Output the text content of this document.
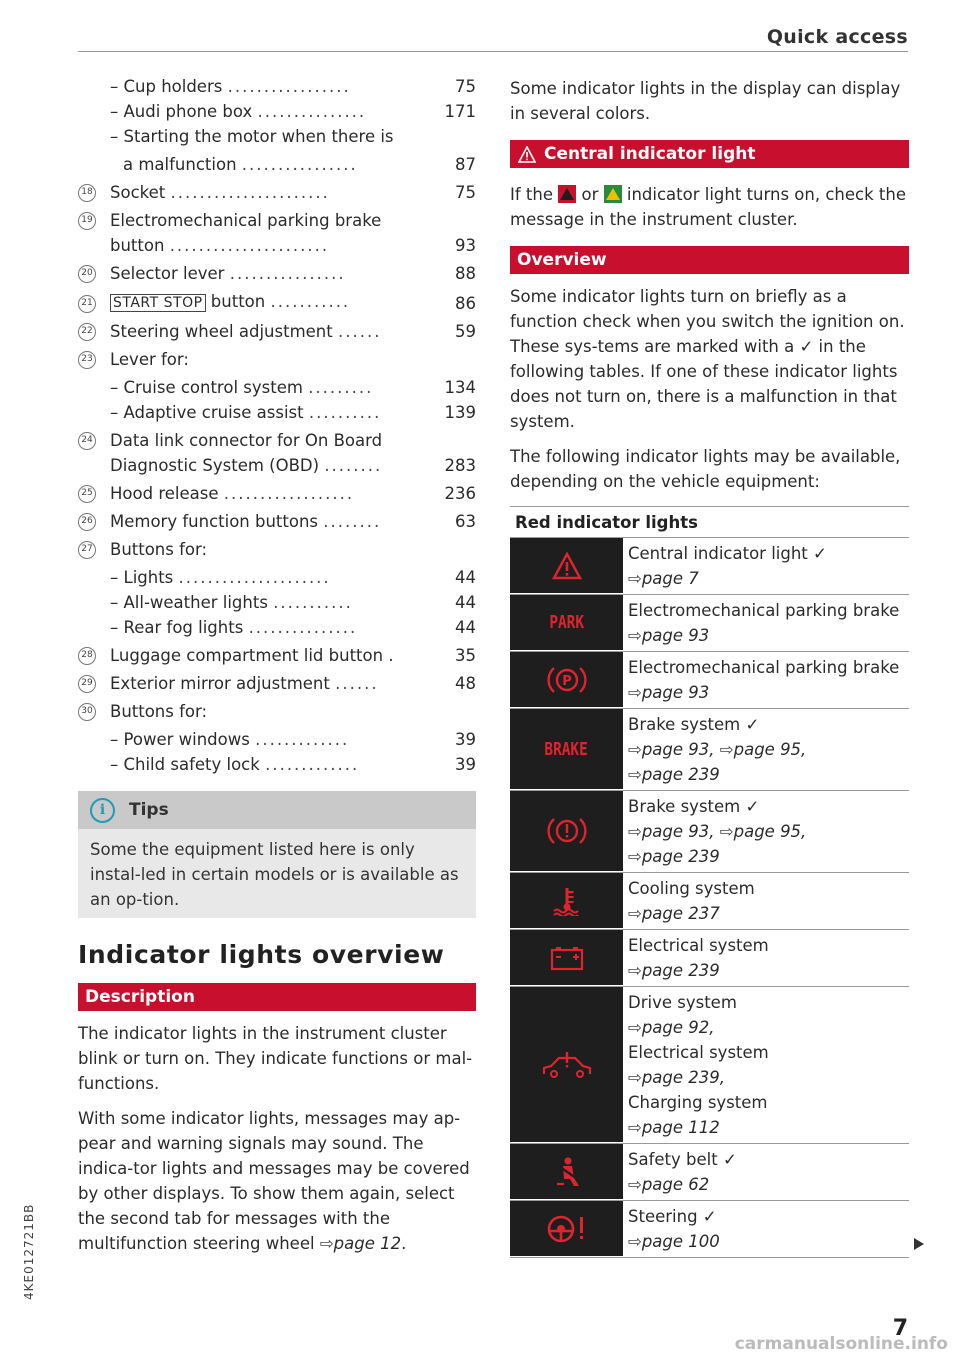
Quick access
– Cup holders .................	75
– Audi phone box ...............	171
– Starting the motor when there is
a malfunction ................	87
18 Socket ......................	75
19 Electromechanical parking brake
button ......................	93
20 Selector lever ................	88
21 START STOP button ...........	86
22 Steering wheel adjustment ......	59
23 Lever for:
– Cruise control system .........	134
– Adaptive cruise assist ..........	139
24 Data link connector for On Board
Diagnostic System (OBD) ........	283
25 Hood release ..................	236
26 Memory function buttons ........	63
27 Buttons for:
– Lights .....................	44
– All-weather lights ...........	44
– Rear fog lights ...............	44
28 Luggage compartment lid button .	35
29 Exterior mirror adjustment ......	48
30 Buttons for:
– Power windows .............	39
– Child safety lock .............	39
i	Tips
Some the equipment listed here is only instal-led in certain models or is available as an op-tion.
Indicator lights overview
Description
The indicator lights in the instrument cluster blink or turn on. They indicate functions or mal-functions.
With some indicator lights, messages may ap-pear and warning signals may sound. The indica-tor lights and messages may be covered by other displays. To show them again, select the second tab for messages with the multifunction steering wheel ⇨page 12.
Some indicator lights in the display can display in several colors.
Central indicator light
If the or indicator light turns on, check the message in the instrument cluster.
Overview
Some indicator lights turn on briefly as a function check when you switch the ignition on. These sys-tems are marked with a ✓ in the following tables. If one of these indicator lights does not turn on, there is a malfunction in that system.
The following indicator lights may be available, depending on the vehicle equipment:
Red indicator lights
Central indicator light ✓
⇨page 7
PARK
Electromechanical parking brake
⇨page 93
P
Electromechanical parking brake
⇨page 93
BRAKE
Brake system ✓
⇨page 93, ⇨page 95,
⇨page 239
Brake system ✓
⇨page 93, ⇨page 95,
⇨page 239
Cooling system
⇨page 237
Electrical system
⇨page 239
Drive system
⇨page 92,
Electrical system
⇨page 239,
Charging system
⇨page 112
Safety belt ✓
⇨page 62
Steering ✓
⇨page 100
4KE012721BB
7
carmanualsonline.info
